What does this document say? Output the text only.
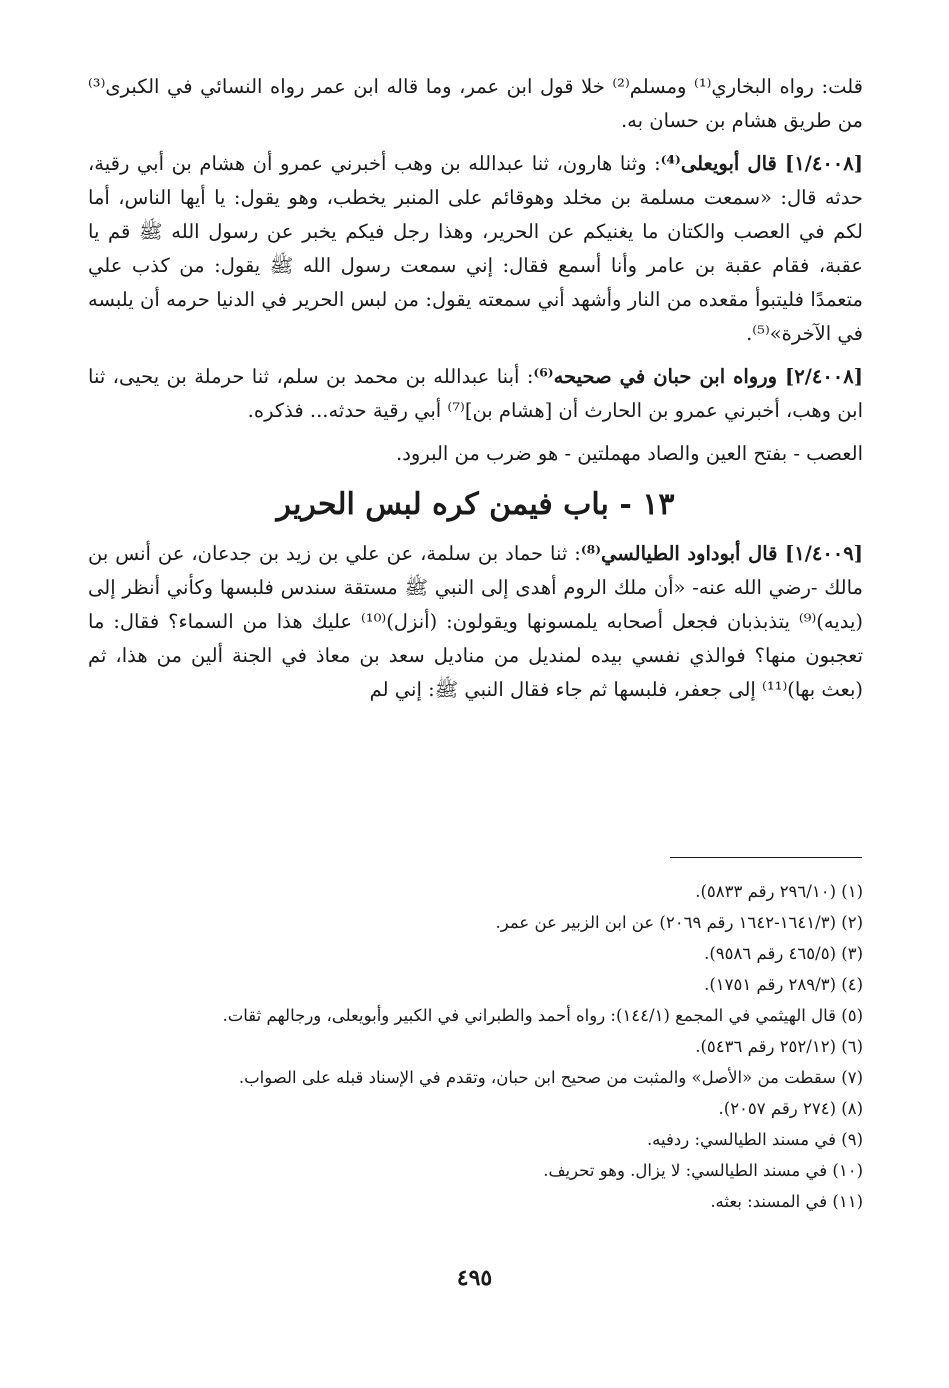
قلت: رواه البخاري⁽¹⁾ ومسلم⁽²⁾ خلا قول ابن عمر، وما قاله ابن عمر رواه النسائي في الكبرى⁽³⁾ من طريق هشام بن حسان به.

[١/٤٠٠٨] قال أبويعلى⁽⁴⁾: وثنا هارون، ثنا عبدالله بن وهب أخبرني عمرو أن هشام بن أبي رقية، حدثه قال: «سمعت مسلمة بن مخلد وهوقائم على المنبر يخطب، وهو يقول: يا أيها الناس، أما لكم في العصب والكتان ما يغنيكم عن الحرير، وهذا رجل فيكم يخبر عن رسول الله ﷺ قم يا عقبة، فقام عقبة بن عامر وأنا أسمع فقال: إني سمعت رسول الله ﷺ يقول: من كذب علي متعمدًا فليتبوأ مقعده من النار وأشهد أني سمعته يقول: من لبس الحرير في الدنيا حرمه أن يلبسه في الآخرة»⁽⁵⁾.

[٢/٤٠٠٨] ورواه ابن حبان في صحيحه⁽⁶⁾: أبنا عبدالله بن محمد بن سلم، ثنا حرملة بن يحيى، ثنا ابن وهب، أخبرني عمرو بن الحارث أن [هشام بن]⁽⁷⁾ أبي رقية حدثه... فذكره.

العصب - بفتح العين والصاد مهملتين - هو ضرب من البرود.

١٣ - باب فيمن كره لبس الحرير

[١/٤٠٠٩] قال أبوداود الطيالسي⁽⁸⁾: ثنا حماد بن سلمة، عن علي بن زيد بن جدعان، عن أنس بن مالك -رضي الله عنه- «أن ملك الروم أهدى إلى النبي ﷺ مستقة سندس فلبسها وكأني أنظر إلى (يديه)⁽⁹⁾ يتذبذبان فجعل أصحابه يلمسونها ويقولون: (أنزل)⁽¹⁰⁾ عليك هذا من السماء؟ فقال: ما تعجبون منها؟ فوالذي نفسي بيده لمنديل من مناديل سعد بن معاذ في الجنة ألين من هذا، ثم (بعث بها)⁽¹¹⁾ إلى جعفر، فلبسها ثم جاء فقال النبي ﷺ: إني لم

(١) (٢٩٦/١٠ رقم ٥٨٣٣).
(٢) (١٦٤١/٣-١٦٤٢ رقم ٢٠٦٩) عن ابن الزبير عن عمر.
(٣) (٤٦٥/٥ رقم ٩٥٨٦).
(٤) (٢٨٩/٣ رقم ١٧٥١).
(٥) قال الهيثمي في المجمع (١٤٤/١): رواه أحمد والطبراني في الكبير وأبويعلى، ورجالهم ثقات.
(٦) (٢٥٢/١٢ رقم ٥٤٣٦).
(٧) سقطت من «الأصل» والمثبت من صحيح ابن حبان، وتقدم في الإسناد قبله على الصواب.
(٨) (٢٧٤ رقم ٢٠٥٧).
(٩) في مسند الطيالسي: ردفيه.
(١٠) في مسند الطيالسي: لا يزال. وهو تحريف.
(١١) في المسند: بعثه.
٤٩٥
